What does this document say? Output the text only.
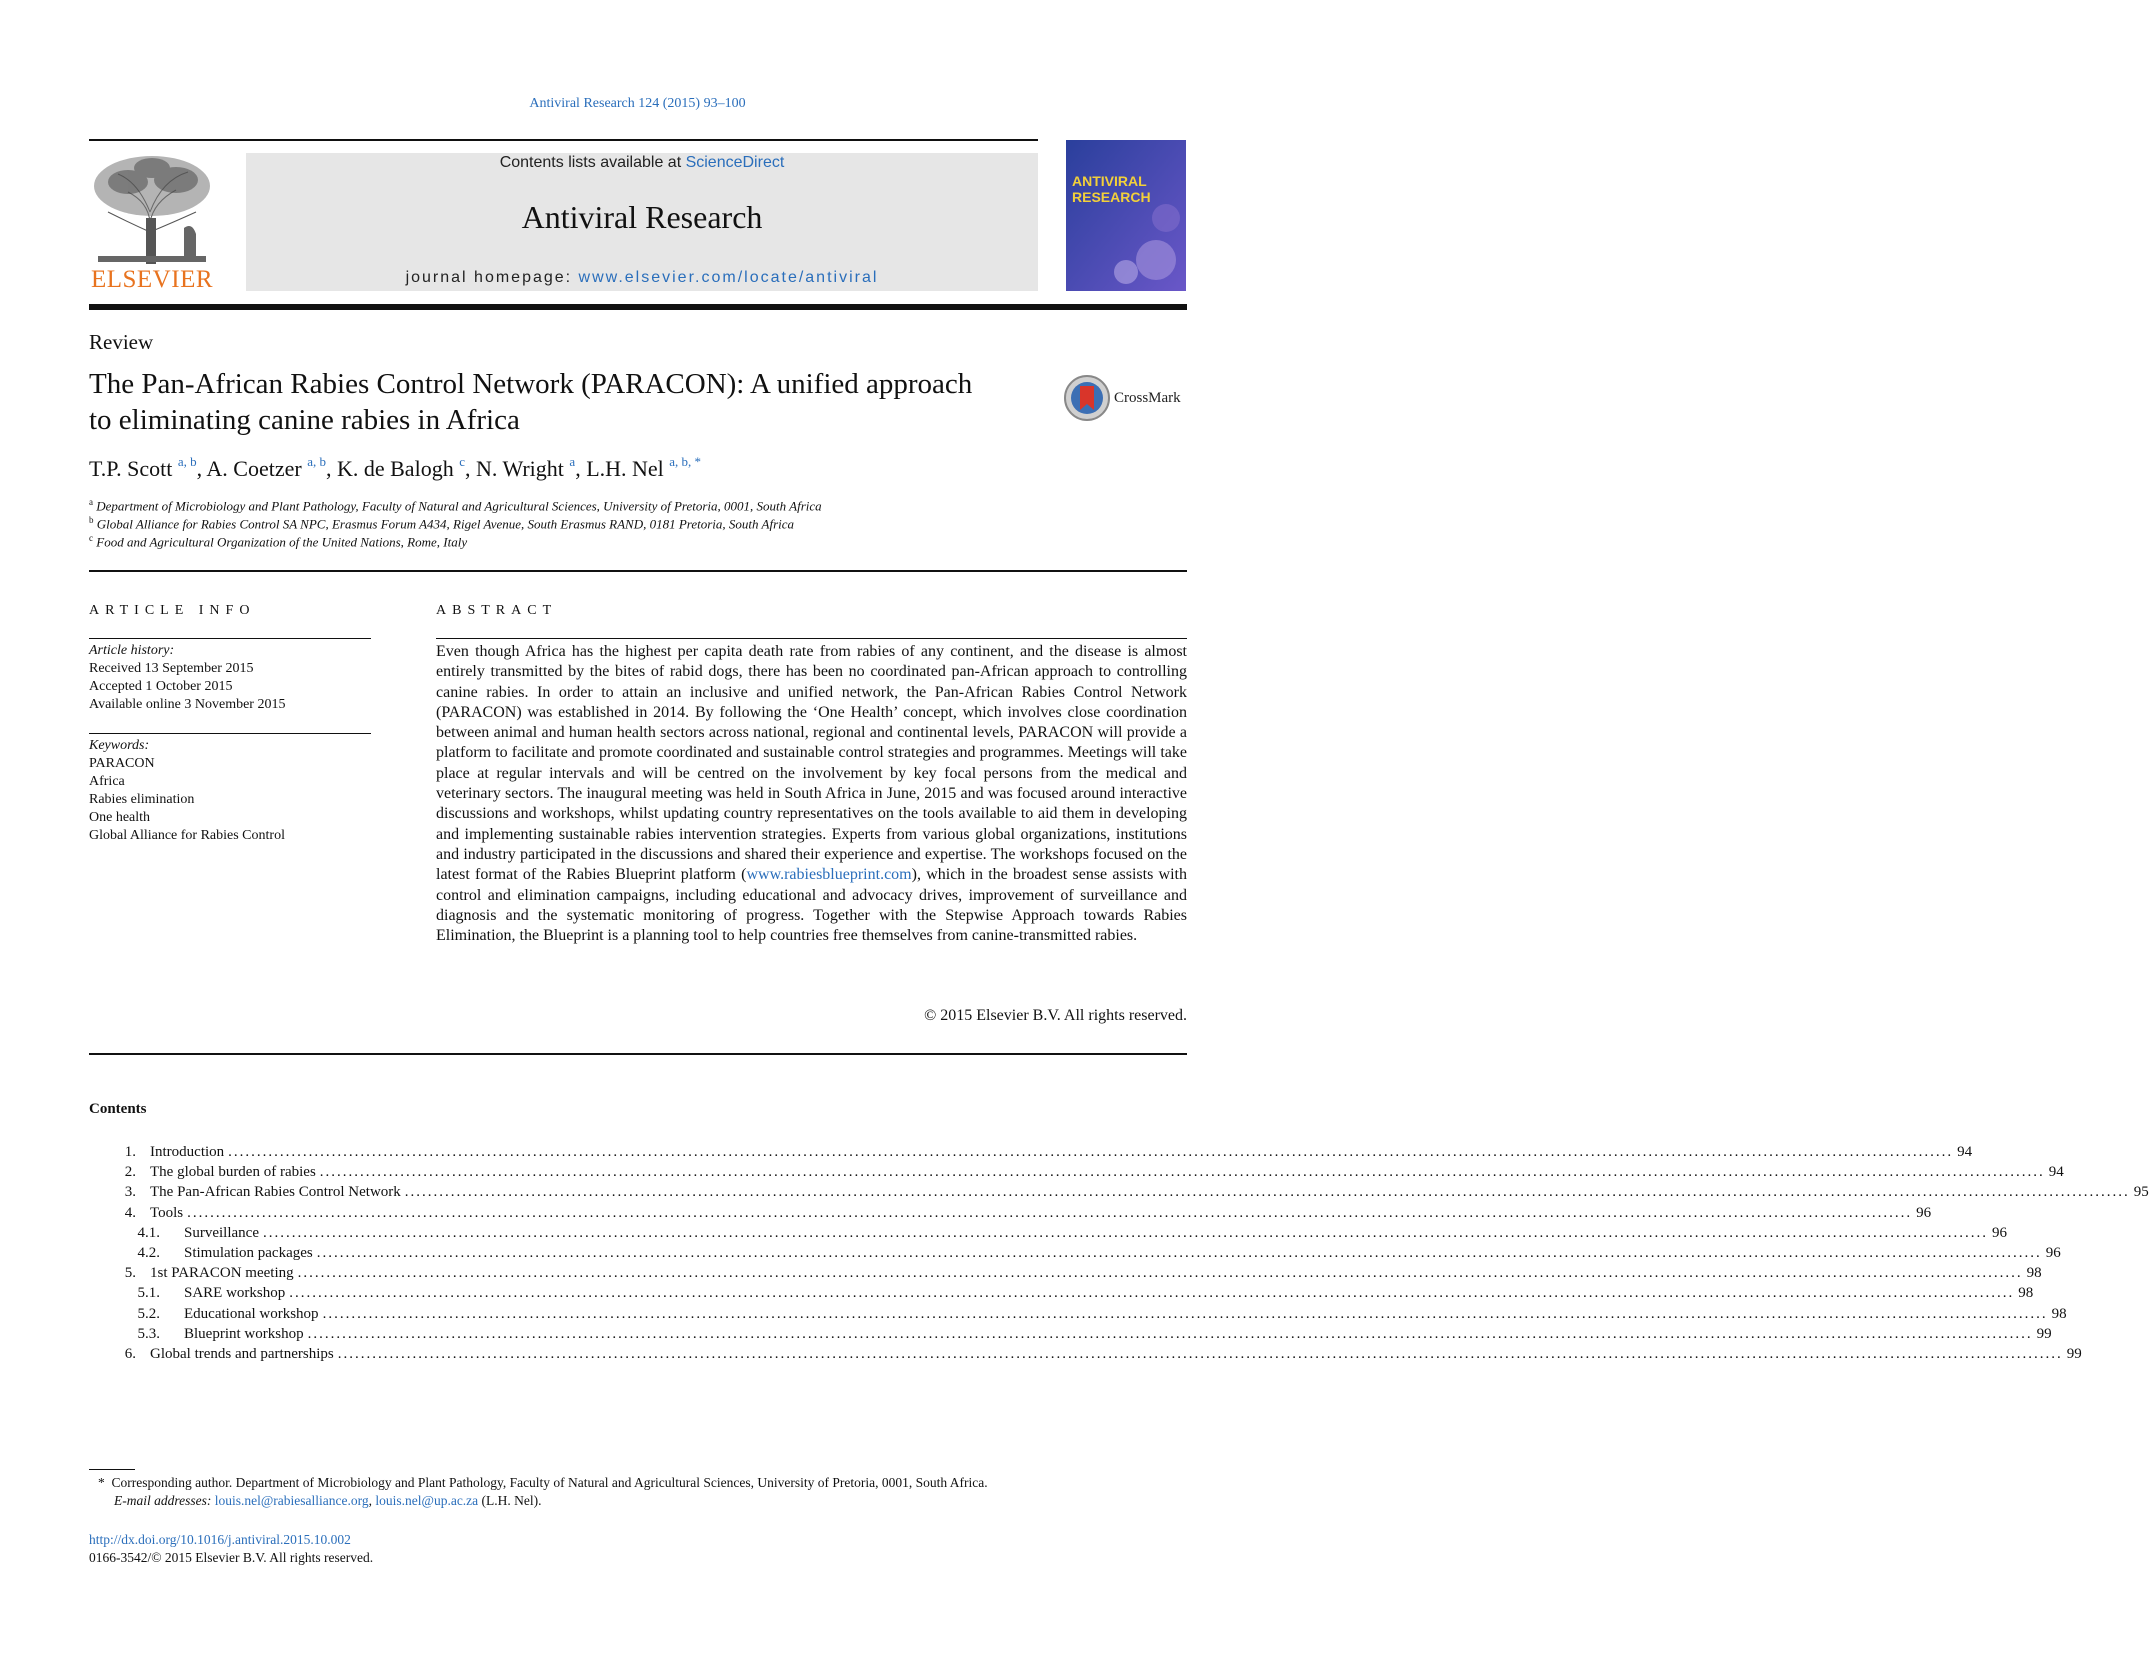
Antiviral Research 124 (2015) 93–100
ELSEVIER
Contents lists available at ScienceDirect
Antiviral Research
journal homepage: www.elsevier.com/locate/antiviral
ANTIVIRAL
RESEARCH
Review
The Pan-African Rabies Control Network (PARACON): A unified approach to eliminating canine rabies in Africa
CrossMark
T.P. Scott $^{a, b}$, A. Coetzer $^{a, b}$, K. de Balogh $^c$, N. Wright $^a$, L.H. Nel $^{a, b, *}$
$^a$ Department of Microbiology and Plant Pathology, Faculty of Natural and Agricultural Sciences, University of Pretoria, 0001, South Africa
$^b$ Global Alliance for Rabies Control SA NPC, Erasmus Forum A434, Rigel Avenue, South Erasmus RAND, 0181 Pretoria, South Africa
$^c$ Food and Agricultural Organization of the United Nations, Rome, Italy
ARTICLE INFO	ABSTRACT
Article history:
Received 13 September 2015
Accepted 1 October 2015
Available online 3 November 2015
Keywords:
PARACON
Africa
Rabies elimination
One health
Global Alliance for Rabies Control

Even though Africa has the highest per capita death rate from rabies of any continent, and the disease is almost entirely transmitted by the bites of rabid dogs, there has been no coordinated pan-African approach to controlling canine rabies. In order to attain an inclusive and unified network, the Pan-African Rabies Control Network (PARACON) was established in 2014. By following the ‘One Health’ concept, which involves close coordination between animal and human health sectors across national, regional and continental levels, PARACON will provide a platform to facilitate and promote coordinated and sustainable control strategies and programmes. Meetings will take place at regular intervals and will be centred on the involvement by key focal persons from the medical and veterinary sectors. The inaugural meeting was held in South Africa in June, 2015 and was focused around interactive discussions and workshops, whilst updating country representatives on the tools available to aid them in developing and implementing sustainable rabies intervention strategies. Experts from various global organizations, institutions and industry participated in the discussions and shared their experience and expertise. The workshops focused on the latest format of the Rabies Blueprint platform (www.rabiesblueprint.com), which in the broadest sense assists with control and elimination campaigns, including educational and advocacy drives, improvement of surveillance and diagnosis and the systematic monitoring of progress. Together with the Stepwise Approach towards Rabies Elimination, the Blueprint is a planning tool to help countries free themselves from canine-transmitted rabies.

© 2015 Elsevier B.V. All rights reserved.
Contents
1. Introduction ............................................................................................................................................................................................................................................................................................................ 94
2. The global burden of rabies ............................................................................................................................................................................................................................................................................................................ 94
3. The Pan-African Rabies Control Network ............................................................................................................................................................................................................................................................................................................ 95
4. Tools ............................................................................................................................................................................................................................................................................................................ 96
4.1.	Surveillance ............................................................................................................................................................................................................................................................................................................ 96
4.2.	Stimulation packages ............................................................................................................................................................................................................................................................................................................ 96
5. 1st PARACON meeting ............................................................................................................................................................................................................................................................................................................ 98
5.1.	SARE workshop ............................................................................................................................................................................................................................................................................................................ 98
5.2.	Educational workshop ............................................................................................................................................................................................................................................................................................................ 98
5.3.	Blueprint workshop ............................................................................................................................................................................................................................................................................................................ 99
6. Global trends and partnerships ............................................................................................................................................................................................................................................................................................................ 99
* Corresponding author. Department of Microbiology and Plant Pathology, Faculty of Natural and Agricultural Sciences, University of Pretoria, 0001, South Africa.
E-mail addresses: louis.nel@rabiesalliance.org, louis.nel@up.ac.za (L.H. Nel).
http://dx.doi.org/10.1016/j.antiviral.2015.10.002
0166-3542/© 2015 Elsevier B.V. All rights reserved.
